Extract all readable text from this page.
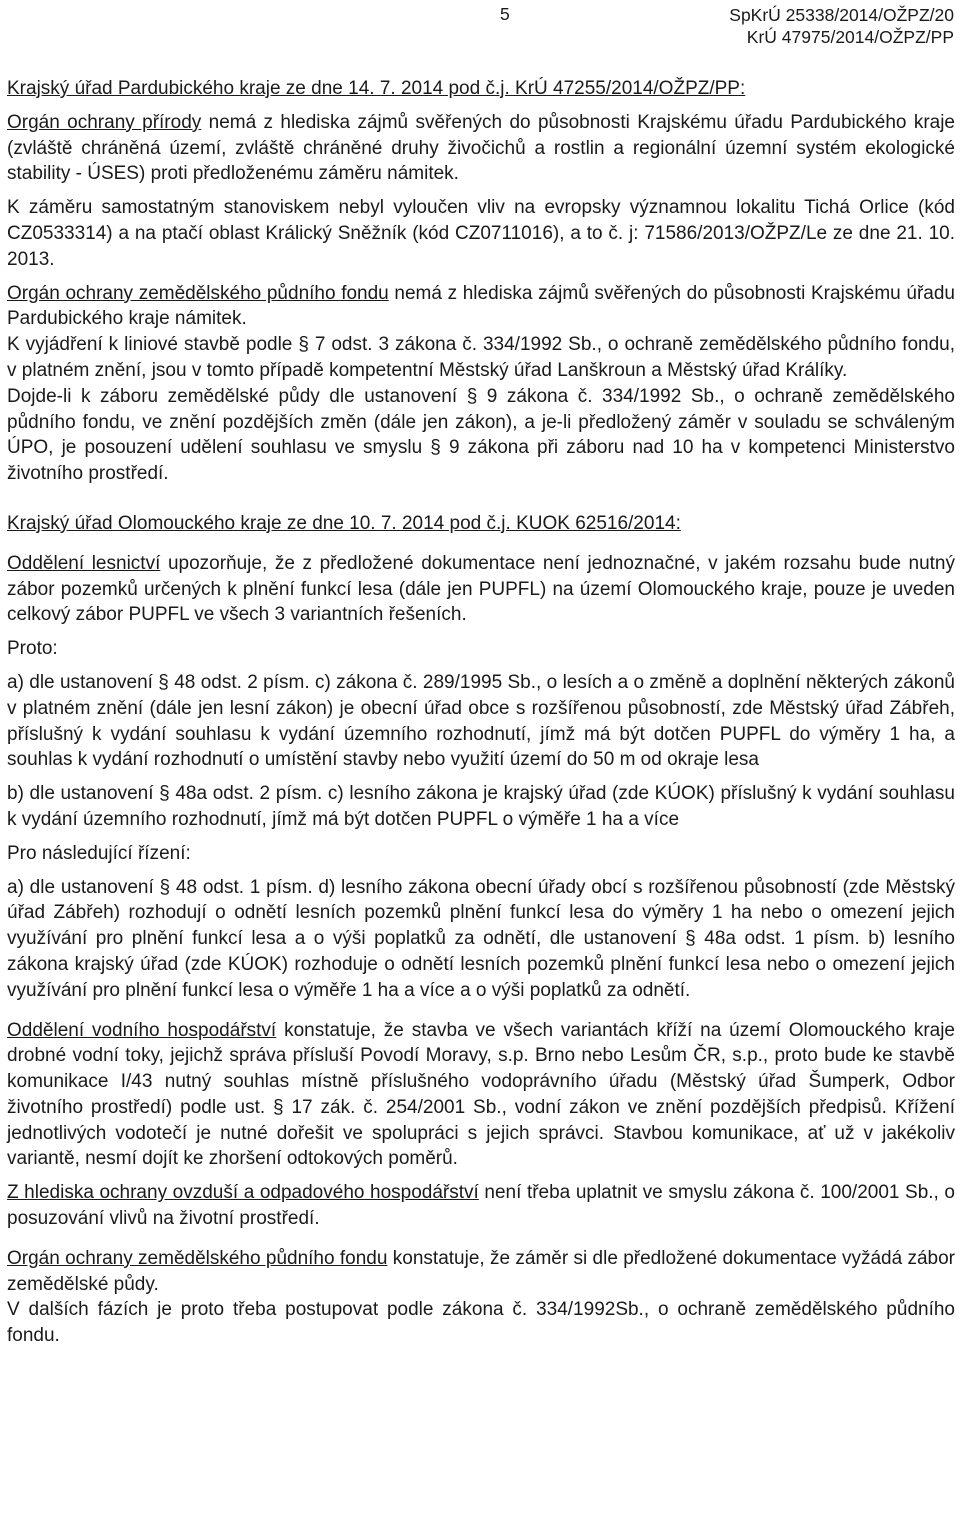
5	SpKrÚ 25338/2014/OŽPZ/20
KrÚ 47975/2014/OŽPZ/PP

Krajský úřad Pardubického kraje ze dne 14. 7. 2014 pod č.j. KrÚ 47255/2014/OŽPZ/PP:

Orgán ochrany přírody nemá z hlediska zájmů svěřených do působnosti Krajskému úřadu Pardubického kraje (zvláště chráněná území, zvláště chráněné druhy živočichů a rostlin a regionální územní systém ekologické stability - ÚSES) proti předloženému záměru námitek.

K záměru samostatným stanoviskem nebyl vyloučen vliv na evropsky významnou lokalitu Tichá Orlice (kód CZ0533314) a na ptačí oblast Králický Sněžník (kód CZ0711016), a to č. j: 71586/2013/OŽPZ/Le ze dne 21. 10. 2013.

Orgán ochrany zemědělského půdního fondu nemá z hlediska zájmů svěřených do působnosti Krajskému úřadu Pardubického kraje námitek.

K vyjádření k liniové stavbě podle § 7 odst. 3 zákona č. 334/1992 Sb., o ochraně zemědělského půdního fondu, v platném znění, jsou v tomto případě kompetentní Městský úřad Lanškroun a Městský úřad Králíky.

Dojde-li k záboru zemědělské půdy dle ustanovení § 9 zákona č. 334/1992 Sb., o ochraně zemědělského půdního fondu, ve znění pozdějších změn (dále jen zákon), a je-li předložený záměr v souladu se schváleným ÚPO, je posouzení udělení souhlasu ve smyslu § 9 zákona při záboru nad 10 ha v kompetenci Ministerstvo životního prostředí.

Krajský úřad Olomouckého kraje ze dne 10. 7. 2014 pod č.j. KUOK 62516/2014:

Oddělení lesnictví upozorňuje, že z předložené dokumentace není jednoznačné, v jakém rozsahu bude nutný zábor pozemků určených k plnění funkcí lesa (dále jen PUPFL) na území Olomouckého kraje, pouze je uveden celkový zábor PUPFL ve všech 3 variantních řešeních.

Proto:

a) dle ustanovení § 48 odst. 2 písm. c) zákona č. 289/1995 Sb., o lesích a o změně a doplnění některých zákonů v platném znění (dále jen lesní zákon) je obecní úřad obce s rozšířenou působností, zde Městský úřad Zábřeh, příslušný k vydání souhlasu k vydání územního rozhodnutí, jímž má být dotčen PUPFL do výměry 1 ha, a souhlas k vydání rozhodnutí o umístění stavby nebo využití území do 50 m od okraje lesa

b) dle ustanovení § 48a odst. 2 písm. c) lesního zákona je krajský úřad (zde KÚOK) příslušný k vydání souhlasu k vydání územního rozhodnutí, jímž má být dotčen PUPFL o výměře 1 ha a více

Pro následující řízení:

a) dle ustanovení § 48 odst. 1 písm. d) lesního zákona obecní úřady obcí s rozšířenou působností (zde Městský úřad Zábřeh) rozhodují o odnětí lesních pozemků plnění funkcí lesa do výměry 1 ha nebo o omezení jejich využívání pro plnění funkcí lesa a o výši poplatků za odnětí, dle ustanovení § 48a odst. 1 písm. b) lesního zákona krajský úřad (zde KÚOK) rozhoduje o odnětí lesních pozemků plnění funkcí lesa nebo o omezení jejich využívání pro plnění funkcí lesa o výměře 1 ha a více a o výši poplatků za odnětí.

Oddělení vodního hospodářství konstatuje, že stavba ve všech variantách kříží na území Olomouckého kraje drobné vodní toky, jejichž správa přísluší Povodí Moravy, s.p. Brno nebo Lesům ČR, s.p., proto bude ke stavbě komunikace I/43 nutný souhlas místně příslušného vodoprávního úřadu (Městský úřad Šumperk, Odbor životního prostředí) podle ust. § 17 zák. č. 254/2001 Sb., vodní zákon ve znění pozdějších předpisů. Křížení jednotlivých vodotečí je nutné dořešit ve spolupráci s jejich správci. Stavbou komunikace, ať už v jakékoliv variantě, nesmí dojít ke zhoršení odtokových poměrů.

Z hlediska ochrany ovzduší a odpadového hospodářství není třeba uplatnit ve smyslu zákona č. 100/2001 Sb., o posuzování vlivů na životní prostředí.

Orgán ochrany zemědělského půdního fondu konstatuje, že záměr si dle předložené dokumentace vyžádá zábor zemědělské půdy.

V dalších fázích je proto třeba postupovat podle zákona č. 334/1992Sb., o ochraně zemědělského půdního fondu.
